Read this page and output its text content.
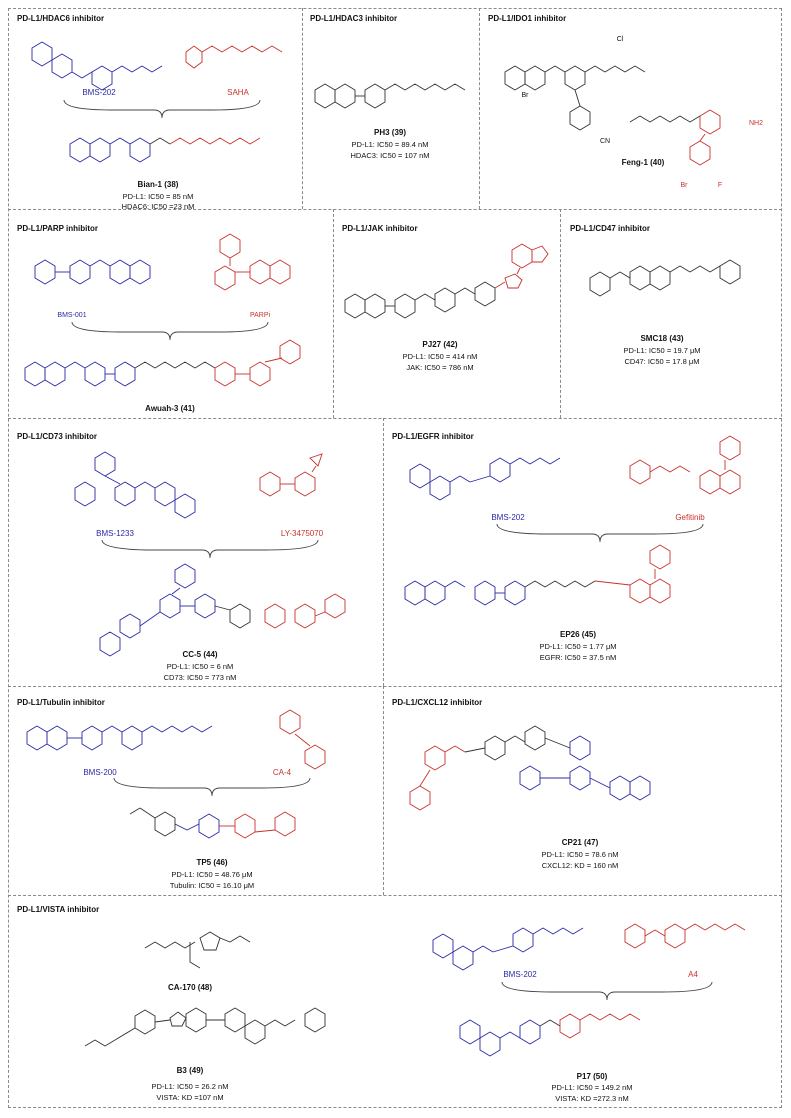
PD-L1/HDAC6 inhibitor
BMS-202	SAHA
Bian-1 (38)
PD-L1: IC50 = 85 nM
HDAC6: IC50 =23 nM
PD-L1/HDAC3 inhibitor
PH3 (39)
PD-L1: IC50 = 89.4 nM
HDAC3: IC50 = 107 nM
PD-L1/IDO1 inhibitor
Cl
Br
CN
NH2
Br	F
Feng-1 (40)
PD-L1/PARP inhibitor
BMS-001	PARPi
Awuah-3 (41)
PD-L1/JAK inhibitor
PJ27 (42)
PD-L1: IC50 = 414 nM
JAK: IC50 = 786 nM
PD-L1/CD47 inhibitor
SMC18 (43)
PD-L1: IC50 = 19.7 μM
CD47: IC50 = 17.8 μM
PD-L1/CD73 inhibitor
BMS-1233	LY-3475070
CC-5 (44)
PD-L1: IC50 = 6 nM
CD73: IC50 = 773 nM
PD-L1/EGFR inhibitor
BMS-202	Gefitinib
EP26 (45)
PD-L1: IC50 = 1.77 μM
EGFR: IC50 = 37.5 nM
PD-L1/Tubulin inhibitor
BMS-200	CA-4
TP5 (46)
PD-L1: IC50 = 48.76 μM
Tubulin: IC50 = 16.10 μM
PD-L1/CXCL12 inhibitor
CP21 (47)
PD-L1: IC50 = 78.6 nM
CXCL12: KD = 160 nM
PD-L1/VISTA inhibitor
CA-170 (48)
B3 (49)
PD-L1: IC50 = 26.2 nM
VISTA: KD =107 nM
BMS-202	A4
P17 (50)
PD-L1: IC50 = 149.2 nM
VISTA: KD =272.3 nM
